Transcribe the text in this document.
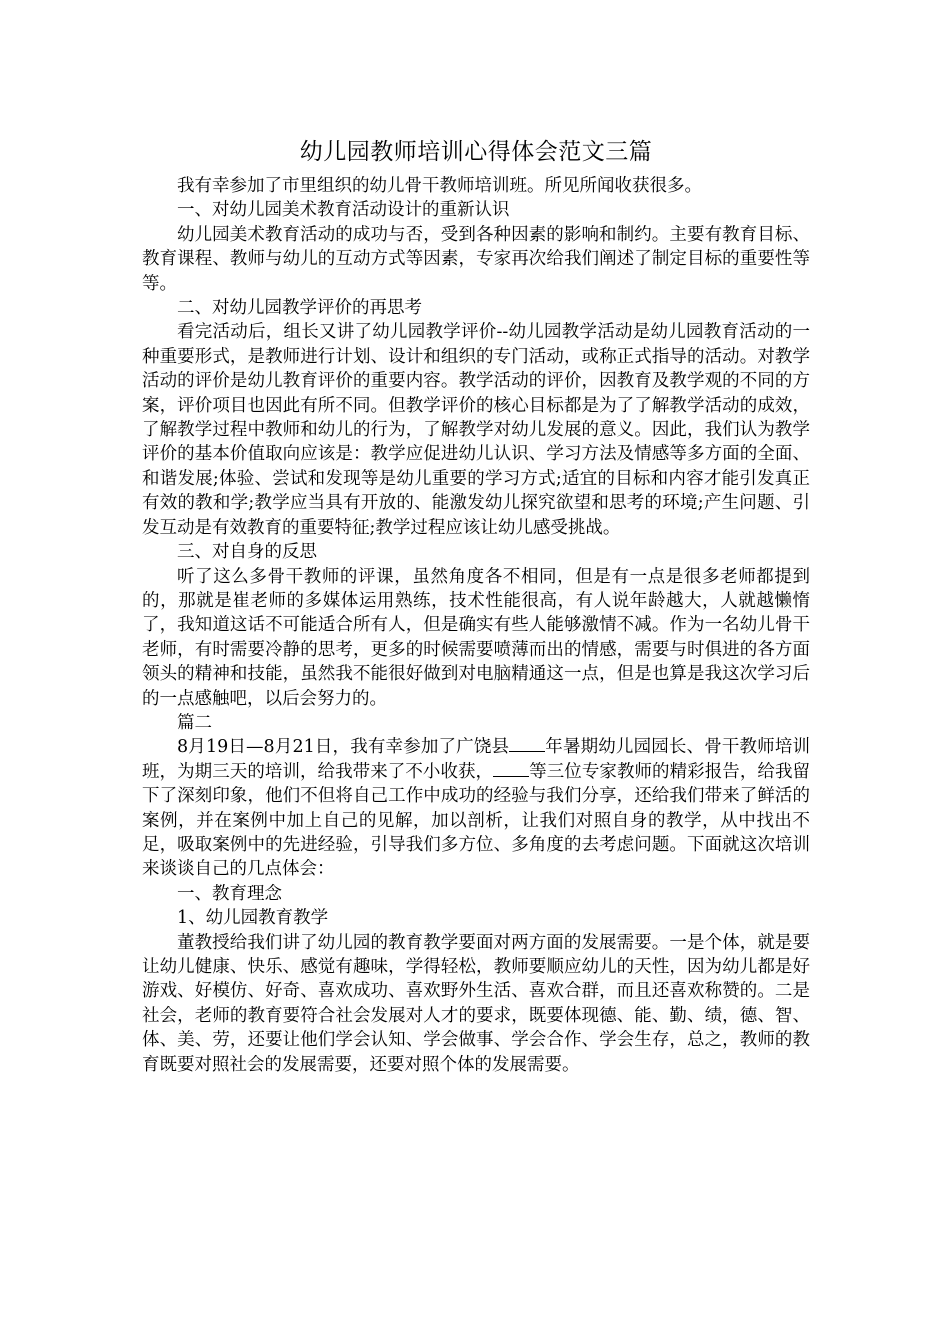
幼儿园教师培训心得体会范文三篇

我有幸参加了市里组织的幼儿骨干教师培训班。所见所闻收获很多。

一、对幼儿园美术教育活动设计的重新认识

幼儿园美术教育活动的成功与否，受到各种因素的影响和制约。主要有教育目标、教育课程、教师与幼儿的互动方式等因素，专家再次给我们阐述了制定目标的重要性等等。

二、对幼儿园教学评价的再思考

看完活动后，组长又讲了幼儿园教学评价--幼儿园教学活动是幼儿园教育活动的一种重要形式，是教师进行计划、设计和组织的专门活动，或称正式指导的活动。对教学活动的评价是幼儿教育评价的重要内容。教学活动的评价，因教育及教学观的不同的方案，评价项目也因此有所不同。但教学评价的核心目标都是为了了解教学活动的成效，了解教学过程中教师和幼儿的行为，了解教学对幼儿发展的意义。因此，我们认为教学评价的基本价值取向应该是：教学应促进幼儿认识、学习方法及情感等多方面的全面、和谐发展;体验、尝试和发现等是幼儿重要的学习方式;适宜的目标和内容才能引发真正有效的教和学;教学应当具有开放的、能激发幼儿探究欲望和思考的环境;产生问题、引发互动是有效教育的重要特征;教学过程应该让幼儿感受挑战。

三、对自身的反思

听了这么多骨干教师的评课，虽然角度各不相同，但是有一点是很多老师都提到的，那就是崔老师的多媒体运用熟练，技术性能很高，有人说年龄越大，人就越懒惰了，我知道这话不可能适合所有人，但是确实有些人能够激情不减。作为一名幼儿骨干老师，有时需要冷静的思考，更多的时候需要喷薄而出的情感，需要与时俱进的各方面领头的精神和技能，虽然我不能很好做到对电脑精通这一点，但是也算是我这次学习后的一点感触吧，以后会努力的。

篇二

8月19日—8月21日，我有幸参加了广饶县 年暑期幼儿园园长、骨干教师培训班，为期三天的培训，给我带来了不小收获， 等三位专家教师的精彩报告，给我留下了深刻印象，他们不但将自己工作中成功的经验与我们分享，还给我们带来了鲜活的案例，并在案例中加上自己的见解，加以剖析，让我们对照自身的教学，从中找出不足，吸取案例中的先进经验，引导我们多方位、多角度的去考虑问题。下面就这次培训来谈谈自己的几点体会：

一、教育理念

1、幼儿园教育教学

董教授给我们讲了幼儿园的教育教学要面对两方面的发展需要。一是个体，就是要让幼儿健康、快乐、感觉有趣味，学得轻松，教师要顺应幼儿的天性，因为幼儿都是好游戏、好模仿、好奇、喜欢成功、喜欢野外生活、喜欢合群，而且还喜欢称赞的。二是社会，老师的教育要符合社会发展对人才的要求，既要体现德、能、勤、绩，德、智、体、美、劳，还要让他们学会认知、学会做事、学会合作、学会生存，总之，教师的教育既要对照社会的发展需要，还要对照个体的发展需要。
